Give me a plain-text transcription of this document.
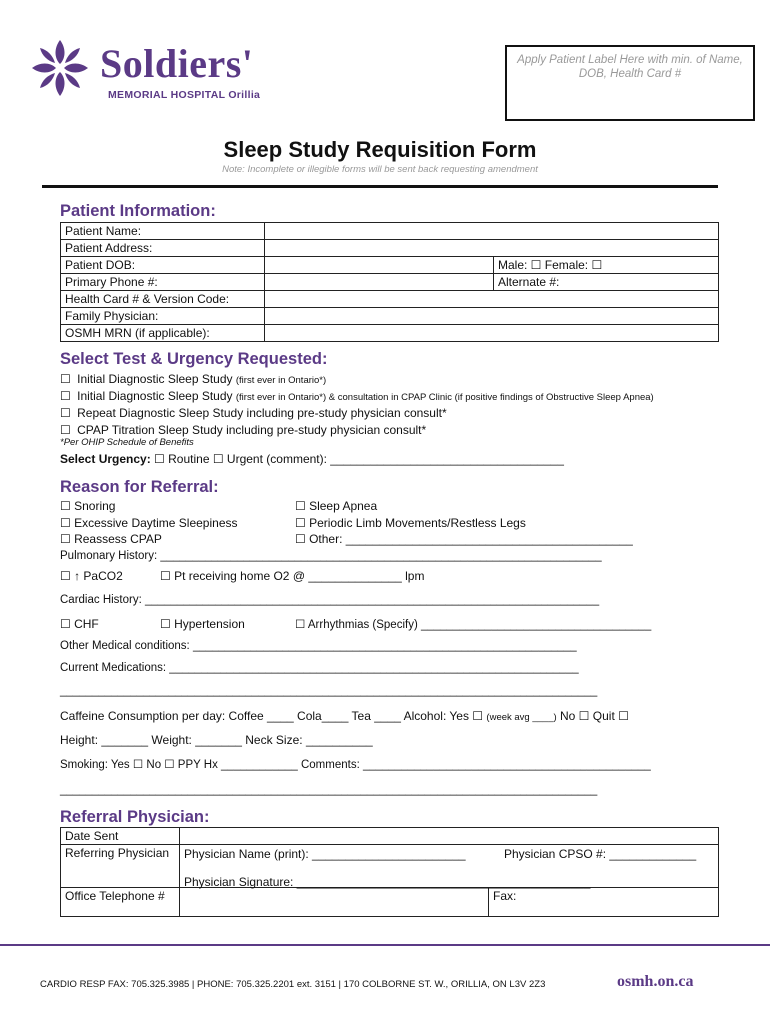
Soldiers'
MEMORIAL HOSPITAL Orillia
Apply Patient Label Here with min. of Name, DOB, Health Card #
Sleep Study Requisition Form
Note: Incomplete or illegible forms will be sent back requesting amendment
Patient Information:
Patient Name:		
Patient Address:		
Patient DOB:		Male: ☐ Female: ☐
Primary Phone #:		Alternate #:
Health Card # & Version Code:		
Family Physician:		
OSMH MRN (if applicable):		
Select Test & Urgency Requested:
☐ Initial Diagnostic Sleep Study (first ever in Ontario*)
☐ Initial Diagnostic Sleep Study (first ever in Ontario*) & consultation in CPAP Clinic (if positive findings of Obstructive Sleep Apnea)
☐ Repeat Diagnostic Sleep Study including pre-study physician consult*
☐ CPAP Titration Sleep Study including pre-study physician consult*
*Per OHIP Schedule of Benefits
Select Urgency: ☐ Routine ☐ Urgent (comment): ___________________________________
Reason for Referral:
☐ Snoring
☐ Excessive Daytime Sleepiness
☐ Reassess CPAP
☐ Sleep Apnea
☐ Periodic Limb Movements/Restless Legs
☐ Other: ___________________________________________
Pulmonary History: _____________________________________________________________________
☐ ↑ PaCO2	☐ Pt receiving home O2 @ ______________ lpm
Cardiac History: _______________________________________________________________________
☐ CHF	☐ Hypertension	☐ Arrhythmias (Specify) ____________________________________
Other Medical conditions: ____________________________________________________________
Current Medications: ________________________________________________________________
____________________________________________________________________________________
Caffeine Consumption per day: Coffee ____ Cola____ Tea ____ Alcohol: Yes ☐ (week avg ____) No ☐ Quit ☐
Height: _______ Weight: _______ Neck Size: __________
Smoking: Yes ☐ No ☐ PPY Hx ____________ Comments: _____________________________________________
____________________________________________________________________________________
Referral Physician:
Date Sent		
Referring Physician	Physician Name (print): _______________________ Physician CPSO #: _____________
Physician Signature: ____________________________________________	

Office Telephone #		Fax:
CARDIO RESP FAX: 705.325.3985 | PHONE: 705.325.2201 ext. 3151 | 170 COLBORNE ST. W., ORILLIA, ON L3V 2Z3	osmh.on.ca
